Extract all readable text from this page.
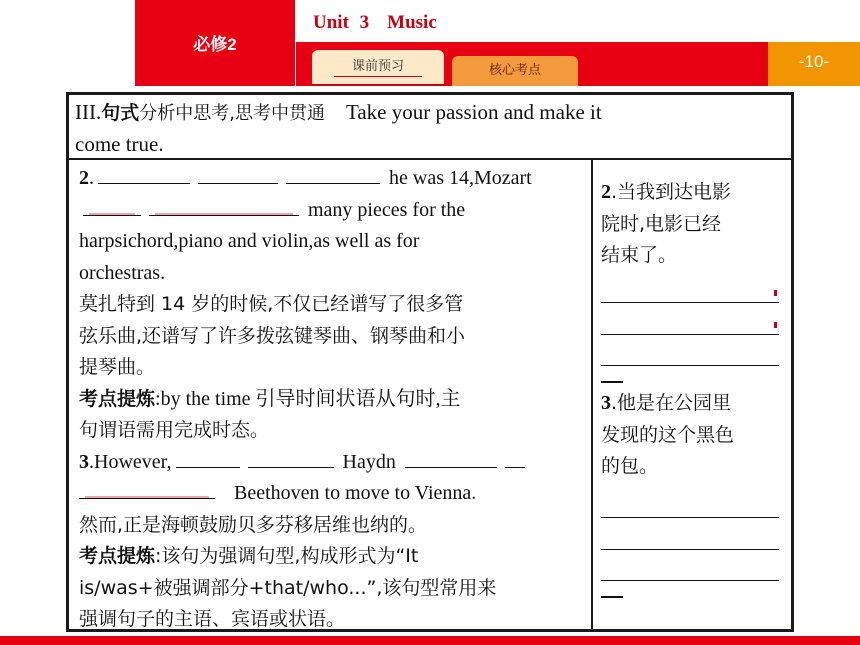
必修2
Unit 3 Music
课前预习	核心考点	-10-
III.句式分析中思考,思考中贯通 Take your passion and make it
come true.
2.	he was 14,Mozart
many pieces for the
harpsichord,piano and violin,as well as for
orchestras.
莫扎特到 14 岁的时候,不仅已经谱写了很多管
弦乐曲,还谱写了许多拨弦键琴曲、钢琴曲和小
提琴曲。
考点提炼:by the time 引导时间状语从句时,主
句谓语需用完成时态。
3.However,	Haydn
Beethoven to move to Vienna.
然而,正是海顿鼓励贝多芬移居维也纳的。
考点提炼:该句为强调句型,构成形式为“It
is/was+被强调部分+that/who...”,该句型常用来
强调句子的主语、宾语或状语。
2.当我到达电影
院时,电影已经
结束了。
3.他是在公园里
发现的这个黑色
的包。
